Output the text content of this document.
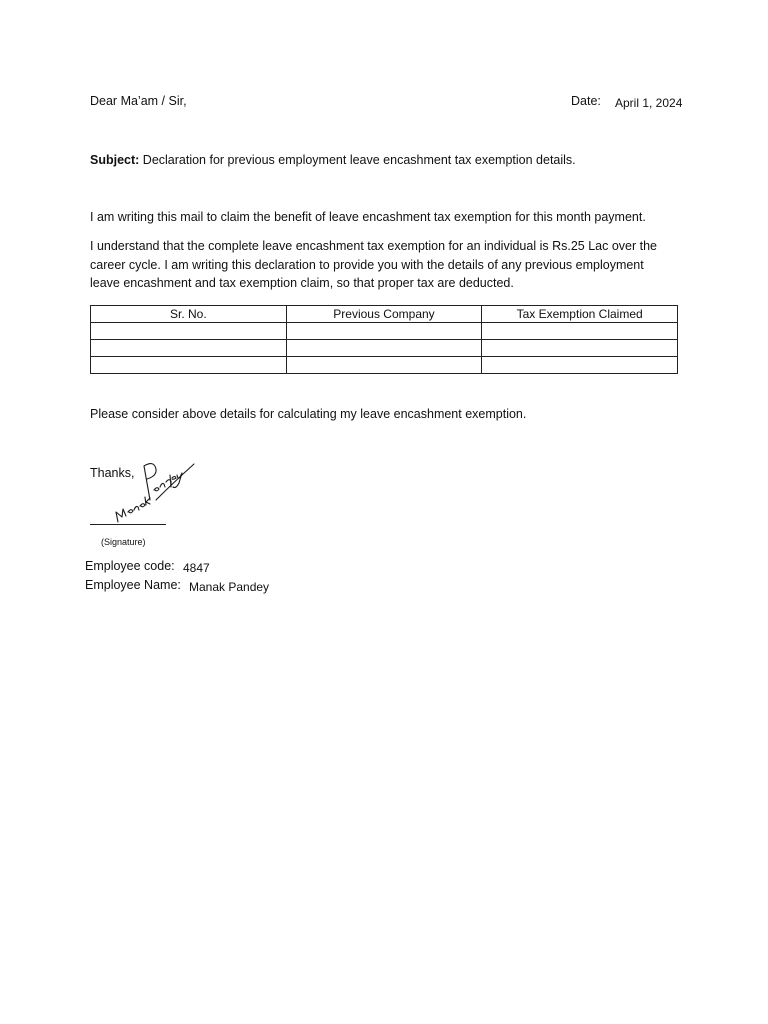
Dear Ma’am / Sir,	Date: April 1, 2024
Subject: Declaration for previous employment leave encashment tax exemption details.
I am writing this mail to claim the benefit of leave encashment tax exemption for this month payment.
I understand that the complete leave encashment tax exemption for an individual is Rs.25 Lac over the
career cycle. I am writing this declaration to provide you with the details of any previous employment
leave encashment and tax exemption claim, so that proper tax are deducted.
Sr. No.	Previous Company	Tax Exemption Claimed

Please consider above details for calculating my leave encashment exemption.
Thanks,
(Signature)
Employee code: 4847
Employee Name: Manak Pandey
